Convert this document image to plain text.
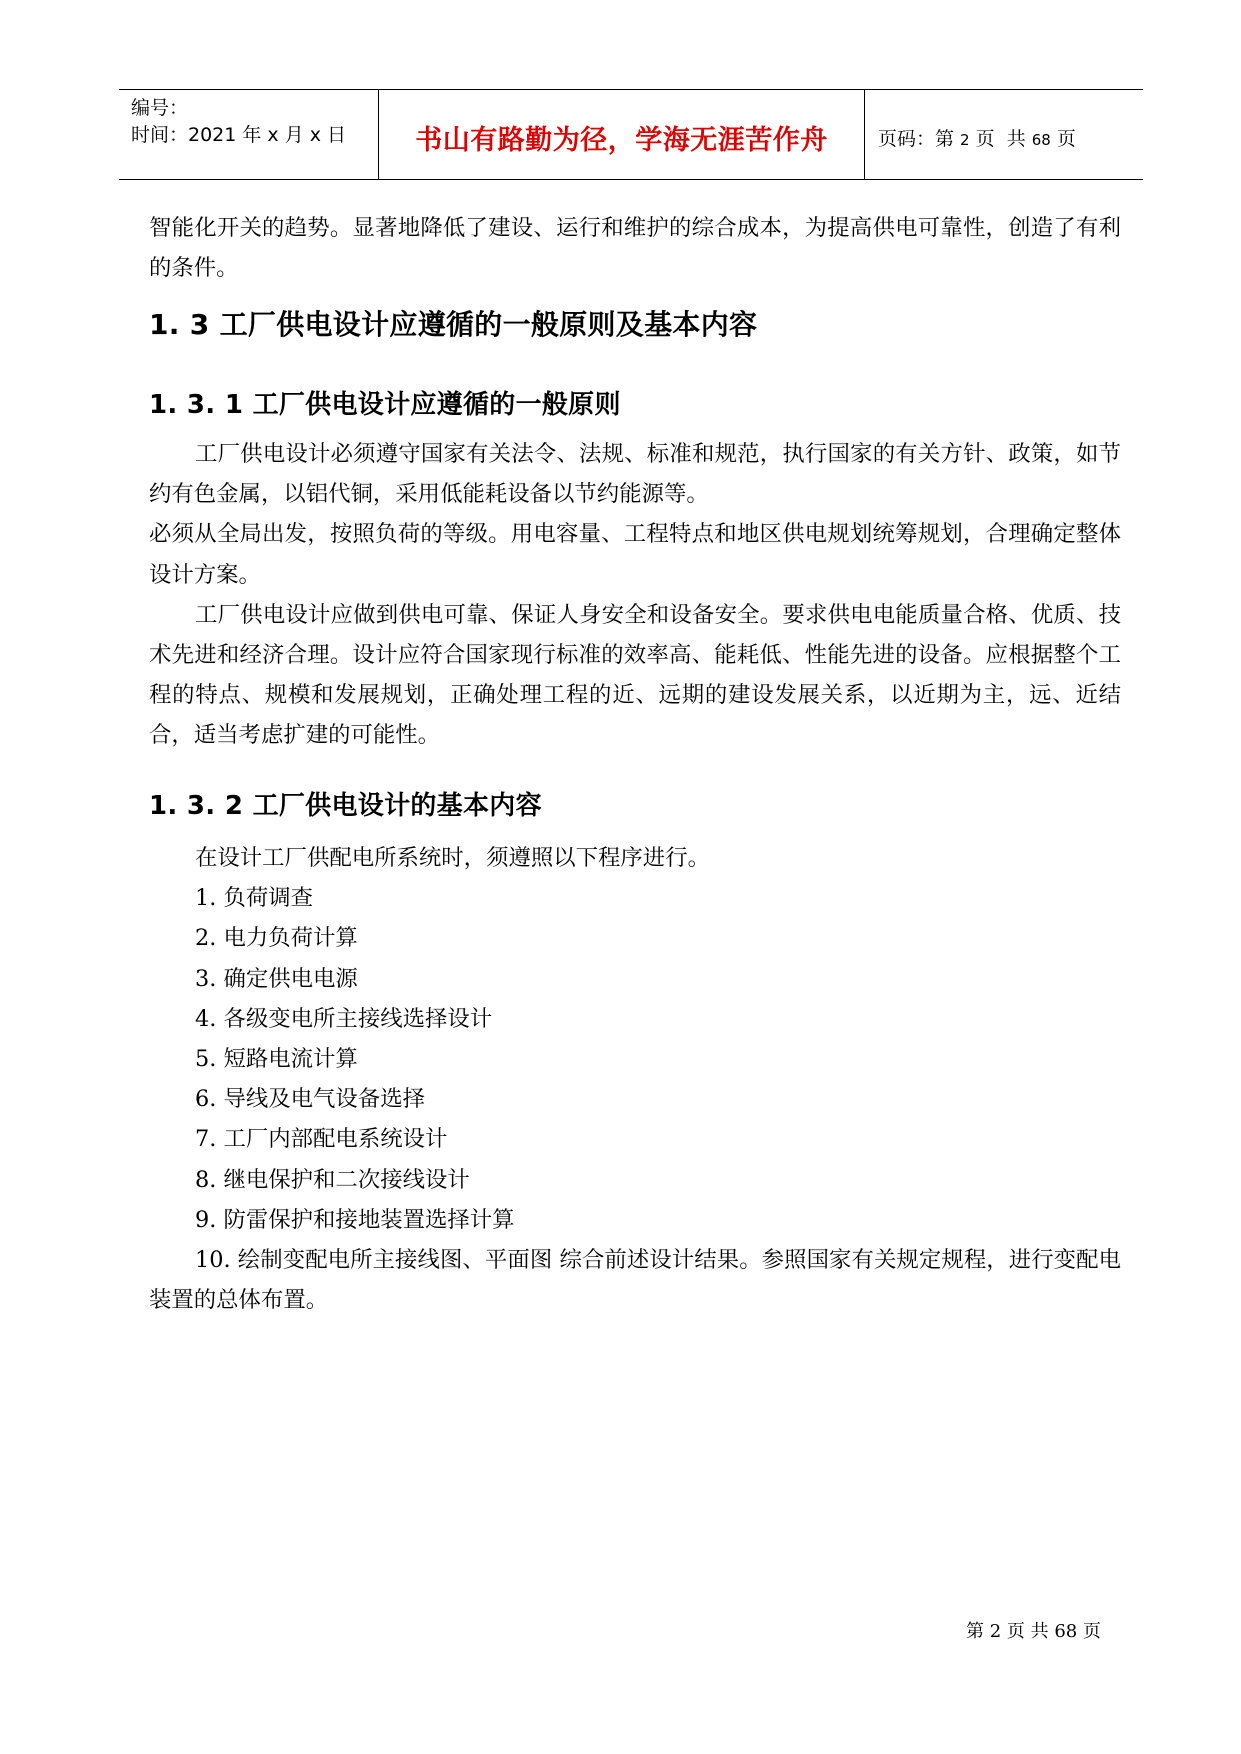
编号：
时间：2021 年 x 月 x 日	书山有路勤为径，学海无涯苦作舟	页码：第 2 页  共 68 页

智能化开关的趋势。显著地降低了建设、运行和维护的综合成本，为提高供电可靠性，创造了有利的条件。

1. 3 工厂供电设计应遵循的一般原则及基本内容
1. 3. 1 工厂供电设计应遵循的一般原则

工厂供电设计必须遵守国家有关法令、法规、标准和规范，执行国家的有关方针、政策，如节约有色金属，以铝代铜，采用低能耗设备以节约能源等。

必须从全局出发，按照负荷的等级。用电容量、工程特点和地区供电规划统筹规划，合理确定整体设计方案。

工厂供电设计应做到供电可靠、保证人身安全和设备安全。要求供电电能质量合格、优质、技术先进和经济合理。设计应符合国家现行标准的效率高、能耗低、性能先进的设备。应根据整个工程的特点、规模和发展规划，正确处理工程的近、远期的建设发展关系，以近期为主，远、近结合，适当考虑扩建的可能性。

1. 3. 2 工厂供电设计的基本内容

在设计工厂供配电所系统时，须遵照以下程序进行。

1. 负荷调查

2. 电力负荷计算

3. 确定供电电源

4. 各级变电所主接线选择设计

5. 短路电流计算

6. 导线及电气设备选择

7. 工厂内部配电系统设计

8. 继电保护和二次接线设计

9. 防雷保护和接地装置选择计算

10. 绘制变配电所主接线图、平面图 综合前述设计结果。参照国家有关规定规程，进行变配电装置的总体布置。

第 2 页 共 68 页
